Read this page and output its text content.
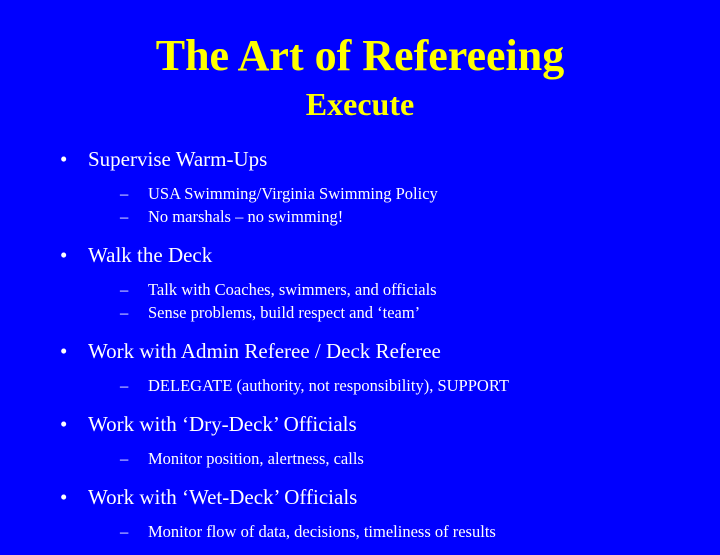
The Art of Refereeing
Execute
• Supervise Warm-Ups
– USA Swimming/Virginia Swimming Policy
– No marshals – no swimming!
• Walk the Deck
– Talk with Coaches, swimmers, and officials
– Sense problems, build respect and ‘team’
• Work with Admin Referee / Deck Referee
– DELEGATE (authority, not responsibility), SUPPORT
• Work with ‘Dry-Deck’ Officials
– Monitor position, alertness, calls
• Work with ‘Wet-Deck’ Officials
– Monitor flow of data, decisions, timeliness of results
